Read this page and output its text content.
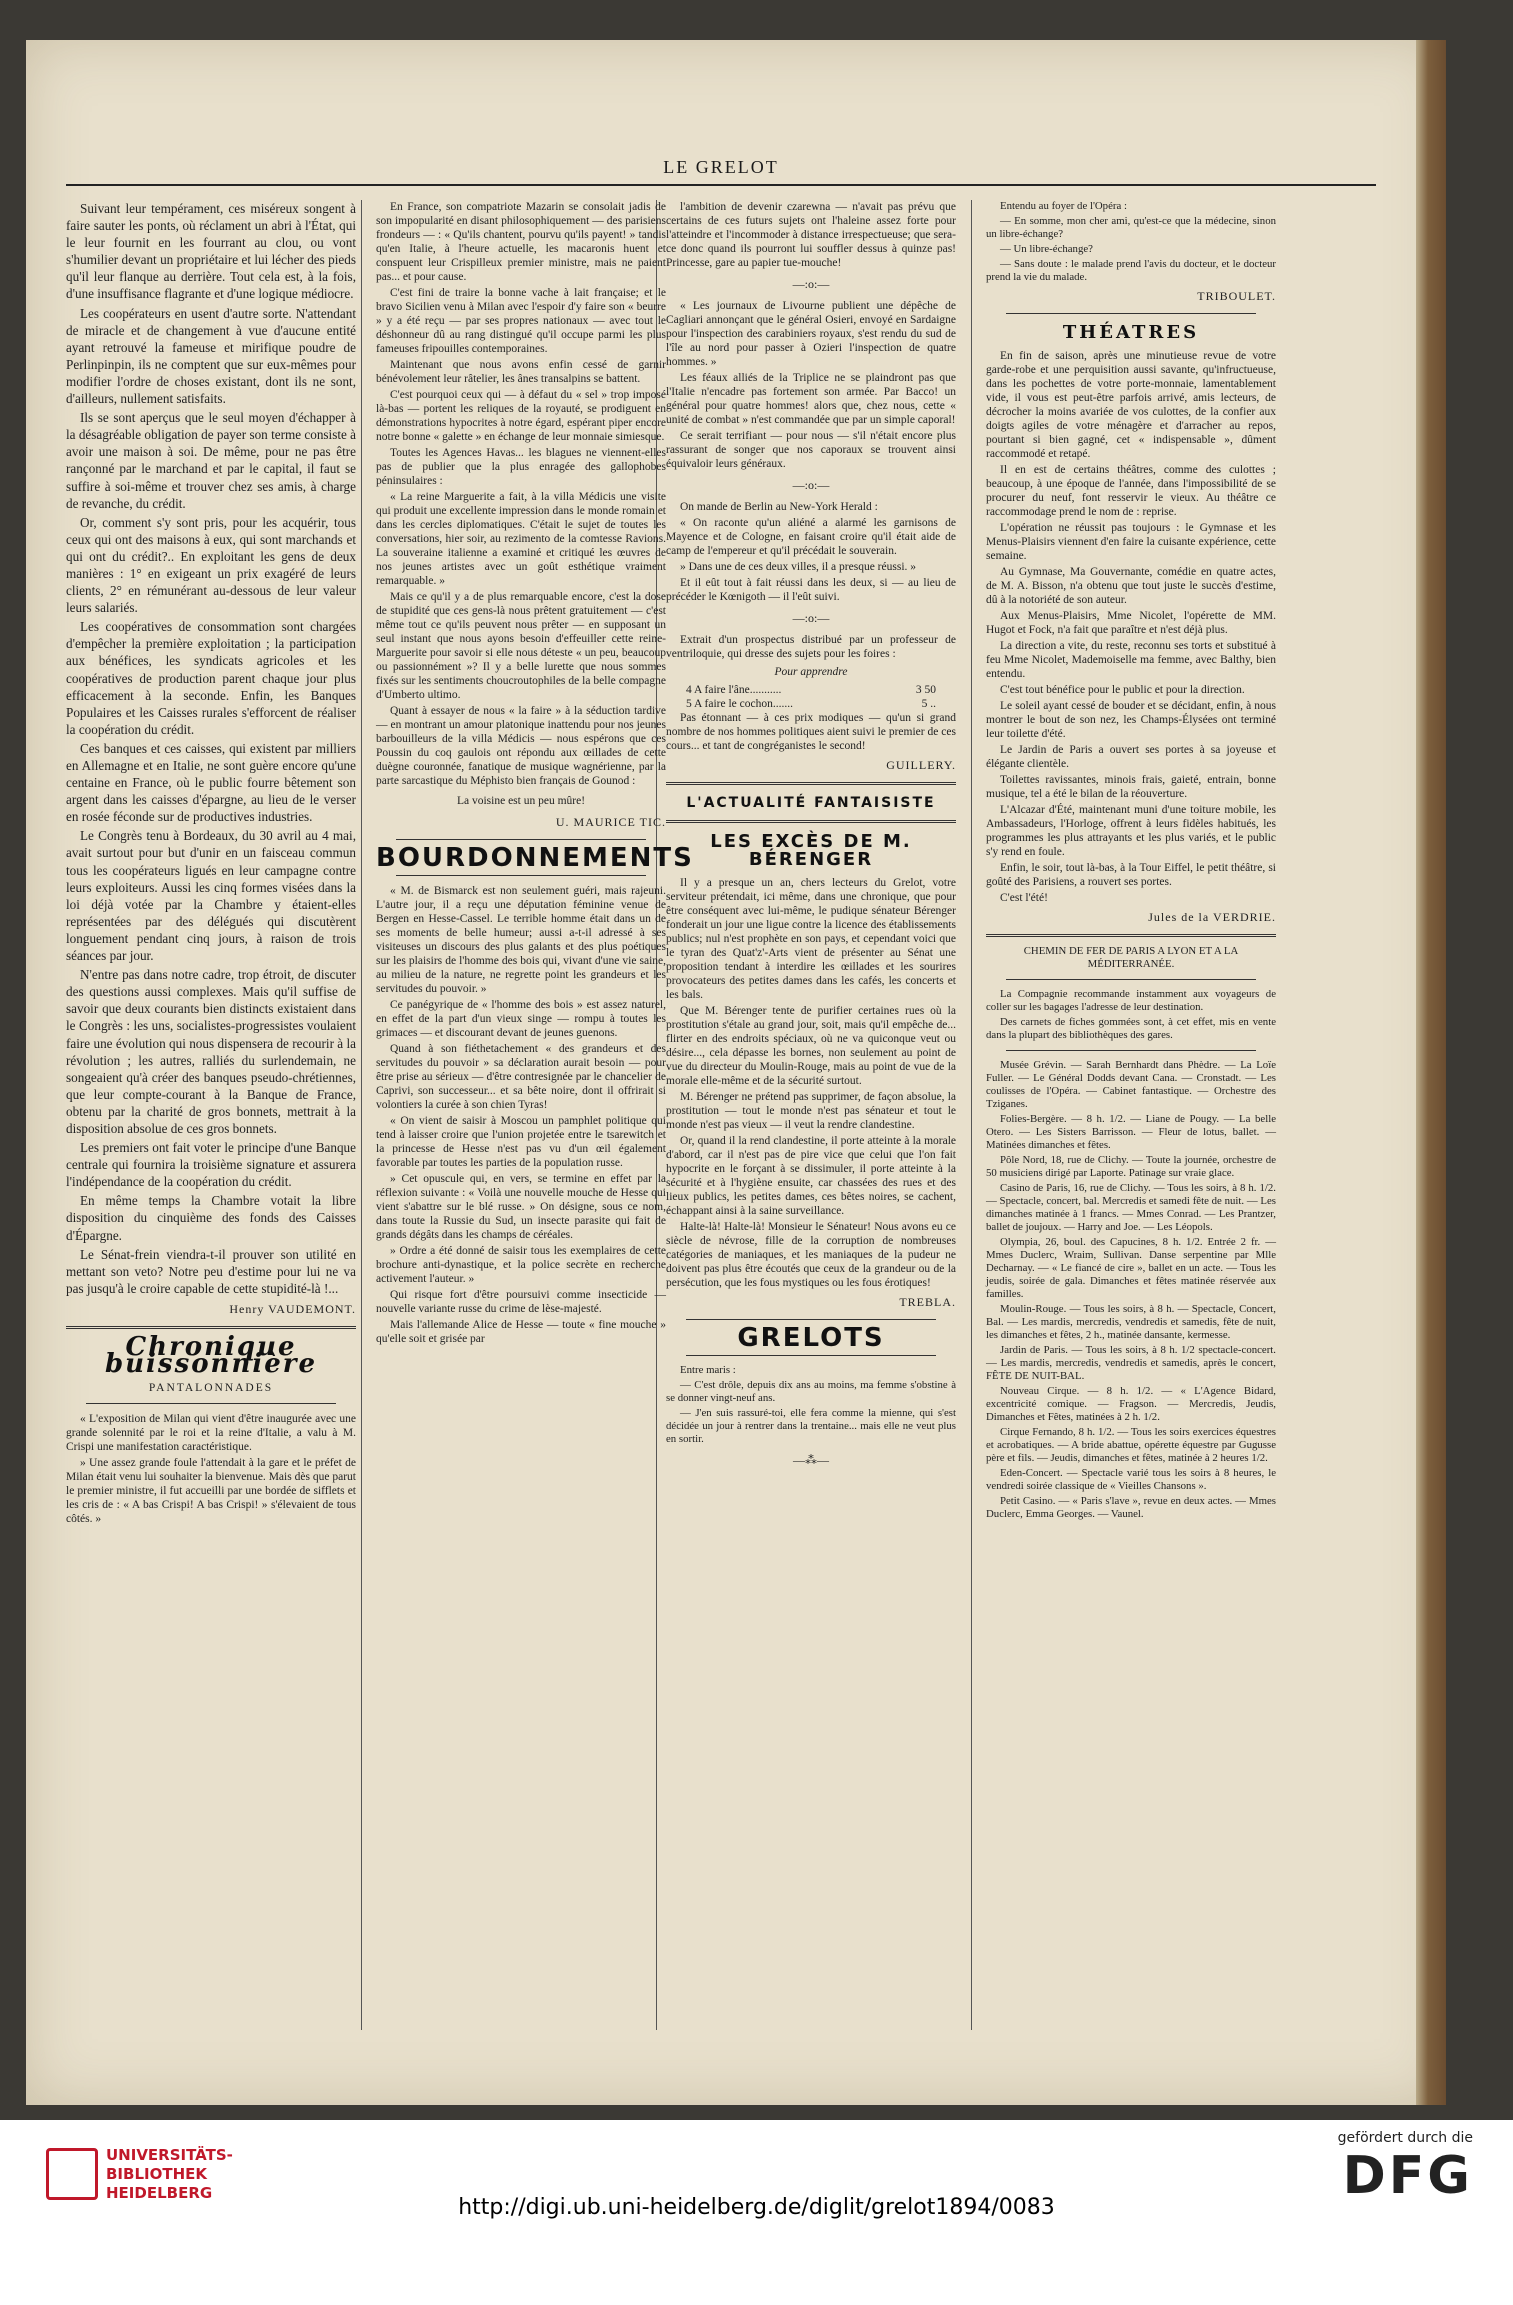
LE GRELOT

Suivant leur tempérament, ces miséreux songent à faire sauter les ponts, où réclament un abri à l'État, qui le leur fournit en les fourrant au clou, ou vont s'humilier devant un propriétaire et lui lécher des pieds qu'il leur flanque au derrière. Tout cela est, à la fois, d'une insuffisance flagrante et d'une logique médiocre.

Les coopérateurs en usent d'autre sorte. N'attendant de miracle et de changement à vue d'aucune entité ayant retrouvé la fameuse et mirifique poudre de Perlinpinpin, ils ne comptent que sur eux-mêmes pour modifier l'ordre de choses existant, dont ils ne sont, d'ailleurs, nullement satisfaits.

Ils se sont aperçus que le seul moyen d'échapper à la désagréable obligation de payer son terme consiste à avoir une maison à soi. De même, pour ne pas être rançonné par le marchand et par le capital, il faut se suffire à soi-même et trouver chez ses amis, à charge de revanche, du crédit.

Or, comment s'y sont pris, pour les acquérir, tous ceux qui ont des maisons à eux, qui sont marchands et qui ont du crédit?.. En exploitant les gens de deux manières : 1° en exigeant un prix exagéré de leurs clients, 2° en rémunérant au-dessous de leur valeur leurs salariés.

Les coopératives de consommation sont chargées d'empêcher la première exploitation ; la participation aux bénéfices, les syndicats agricoles et les coopératives de production parent chaque jour plus efficacement à la seconde. Enfin, les Banques Populaires et les Caisses rurales s'efforcent de réaliser la coopération du crédit.

Ces banques et ces caisses, qui existent par milliers en Allemagne et en Italie, ne sont guère encore qu'une centaine en France, où le public fourre bêtement son argent dans les caisses d'épargne, au lieu de le verser en rosée féconde sur de productives industries.

Le Congrès tenu à Bordeaux, du 30 avril au 4 mai, avait surtout pour but d'unir en un faisceau commun tous les coopérateurs ligués en leur campagne contre leurs exploiteurs. Aussi les cinq formes visées dans la loi déjà votée par la Chambre y étaient-elles représentées par des délégués qui discutèrent longuement pendant cinq jours, à raison de trois séances par jour.

N'entre pas dans notre cadre, trop étroit, de discuter des questions aussi complexes. Mais qu'il suffise de savoir que deux courants bien distincts existaient dans le Congrès : les uns, socialistes-progressistes voulaient faire une évolution qui nous dispensera de recourir à la révolution ; les autres, ralliés du surlendemain, ne songeaient qu'à créer des banques pseudo-chrétiennes, que leur compte-courant à la Banque de France, obtenu par la charité de gros bonnets, mettrait à la disposition absolue de ces gros bonnets.

Les premiers ont fait voter le principe d'une Banque centrale qui fournira la troisième signature et assurera l'indépendance de la coopération du crédit.

En même temps la Chambre votait la libre disposition du cinquième des fonds des Caisses d'Épargne.

Le Sénat-frein viendra-t-il prouver son utilité en mettant son veto? Notre peu d'estime pour lui ne va pas jusqu'à le croire capable de cette stupidité-là !...

Henry VAUDEMONT.
Chronique buissonnière
PANTALONNADES

« L'exposition de Milan qui vient d'être inaugurée avec une grande solennité par le roi et la reine d'Italie, a valu à M. Crispi une manifestation caractéristique.

» Une assez grande foule l'attendait à la gare et le préfet de Milan était venu lui souhaiter la bienvenue. Mais dès que parut le premier ministre, il fut accueilli par une bordée de sifflets et les cris de : « A bas Crispi! A bas Crispi! » s'élevaient de tous côtés. »

En France, son compatriote Mazarin se consolait jadis de son impopularité en disant philosophiquement — des parisiens frondeurs — : « Qu'ils chantent, pourvu qu'ils payent! » tandis qu'en Italie, à l'heure actuelle, les macaronis huent et conspuent leur Crispilleux premier ministre, mais ne paient pas... et pour cause.

C'est fini de traire la bonne vache à lait française; et le bravo Sicilien venu à Milan avec l'espoir d'y faire son « beurre » y a été reçu — par ses propres nationaux — avec tout le déshonneur dû au rang distingué qu'il occupe parmi les plus fameuses fripouilles contemporaines.

Maintenant que nous avons enfin cessé de garnir bénévolement leur râtelier, les ânes transalpins se battent.

C'est pourquoi ceux qui — à défaut du « sel » trop imposé là-bas — portent les reliques de la royauté, se prodiguent en démonstrations hypocrites à notre égard, espérant piper encore notre bonne « galette » en échange de leur monnaie simiesque.

Toutes les Agences Havas... les blagues ne viennent-elles pas de publier que la plus enragée des gallophobes péninsulaires :

« La reine Marguerite a fait, à la villa Médicis une visite qui produit une excellente impression dans le monde romain et dans les cercles diplomatiques. C'était le sujet de toutes les conversations, hier soir, au rezimento de la comtesse Ravions. La souveraine italienne a examiné et critiqué les œuvres de nos jeunes artistes avec un goût esthétique vraiment remarquable. »

Mais ce qu'il y a de plus remarquable encore, c'est la dose de stupidité que ces gens-là nous prêtent gratuitement — c'est même tout ce qu'ils peuvent nous prêter — en supposant un seul instant que nous ayons besoin d'effeuiller cette reine-Marguerite pour savoir si elle nous déteste « un peu, beaucoup ou passionnément »? Il y a belle lurette que nous sommes fixés sur les sentiments choucroutophiles de la belle compagne d'Umberto ultimo.

Quant à essayer de nous « la faire » à la séduction tardive — en montrant un amour platonique inattendu pour nos jeunes barbouilleurs de la villa Médicis — nous espérons que ces Poussin du coq gaulois ont répondu aux œillades de cette duègne couronnée, fanatique de musique wagnérienne, par la parte sarcastique du Méphisto bien français de Gounod :

La voisine est un peu mûre!
U. MAURICE TIC.
BOURDONNEMENTS

« M. de Bismarck est non seulement guéri, mais rajeuni. L'autre jour, il a reçu une députation féminine venue de Bergen en Hesse-Cassel. Le terrible homme était dans un de ses moments de belle humeur; aussi a-t-il adressé à ses visiteuses un discours des plus galants et des plus poétiques sur les plaisirs de l'homme des bois qui, vivant d'une vie saine, au milieu de la nature, ne regrette point les grandeurs et les servitudes du pouvoir. »

Ce panégyrique de « l'homme des bois » est assez naturel, en effet de la part d'un vieux singe — rompu à toutes les grimaces — et discourant devant de jeunes guenons.

Quand à son fiéthetachement « des grandeurs et des servitudes du pouvoir » sa déclaration aurait besoin — pour être prise au sérieux — d'être contresignée par le chancelier de Caprivi, son successeur... et sa bête noire, dont il offrirait si volontiers la curée à son chien Tyras!

« On vient de saisir à Moscou un pamphlet politique qui tend à laisser croire que l'union projetée entre le tsarewitch et la princesse de Hesse n'est pas vu d'un œil également favorable par toutes les parties de la population russe.

» Cet opuscule qui, en vers, se termine en effet par la réflexion suivante : « Voilà une nouvelle mouche de Hesse qui vient s'abattre sur le blé russe. » On désigne, sous ce nom, dans toute la Russie du Sud, un insecte parasite qui fait de grands dégâts dans les champs de céréales.

» Ordre a été donné de saisir tous les exemplaires de cette brochure anti-dynastique, et la police secrète en recherche activement l'auteur. »

Qui risque fort d'être poursuivi comme insecticide — nouvelle variante russe du crime de lèse-majesté.

Mais l'allemande Alice de Hesse — toute « fine mouche » qu'elle soit et grisée par

l'ambition de devenir czarewna — n'avait pas prévu que certains de ces futurs sujets ont l'haleine assez forte pour l'atteindre et l'incommoder à distance irrespectueuse; que sera-ce donc quand ils pourront lui souffler dessus à quinze pas! Princesse, gare au papier tue-mouche!

—:o:—

« Les journaux de Livourne publient une dépêche de Cagliari annonçant que le général Osieri, envoyé en Sardaigne pour l'inspection des carabiniers royaux, s'est rendu du sud de l'île au nord pour passer à Ozieri l'inspection de quatre hommes. »

Les féaux alliés de la Triplice ne se plaindront pas que l'Italie n'encadre pas fortement son armée. Par Bacco! un général pour quatre hommes! alors que, chez nous, cette « unité de combat » n'est commandée que par un simple caporal!

Ce serait terrifiant — pour nous — s'il n'était encore plus rassurant de songer que nos caporaux se trouvent ainsi équivaloir leurs généraux.

—:o:—

On mande de Berlin au New-York Herald :

« On raconte qu'un aliéné a alarmé les garnisons de Mayence et de Cologne, en faisant croire qu'il était aide de camp de l'empereur et qu'il précédait le souverain.

» Dans une de ces deux villes, il a presque réussi. »

Et il eût tout à fait réussi dans les deux, si — au lieu de précéder le Kœnigoth — il l'eût suivi.

—:o:—

Extrait d'un prospectus distribué par un professeur de ventriloquie, qui dresse des sujets pour les foires :

Pour apprendre
4 A faire l'âne...........	3 50
5 A faire le cochon.......	5 ..

Pas étonnant — à ces prix modiques — qu'un si grand nombre de nos hommes politiques aient suivi le premier de ces cours... et tant de congréganistes le second!

GUILLERY.
L'ACTUALITÉ FANTAISISTE
LES EXCÈS DE M. BÉRENGER

Il y a presque un an, chers lecteurs du Grelot, votre serviteur prétendait, ici même, dans une chronique, que pour être conséquent avec lui-même, le pudique sénateur Bérenger fonderait un jour une ligue contre la licence des établissements publics; nul n'est prophète en son pays, et cependant voici que le tyran des Quat'z'-Arts vient de présenter au Sénat une proposition tendant à interdire les œillades et les sourires provocateurs des petites dames dans les cafés, les concerts et les bals.

Que M. Bérenger tente de purifier certaines rues où la prostitution s'étale au grand jour, soit, mais qu'il empêche de... flirter en des endroits spéciaux, où ne va quiconque veut ou désire..., cela dépasse les bornes, non seulement au point de vue du directeur du Moulin-Rouge, mais au point de vue de la morale elle-même et de la sécurité surtout.

M. Bérenger ne prétend pas supprimer, de façon absolue, la prostitution — tout le monde n'est pas sénateur et tout le monde n'est pas vieux — il veut la rendre clandestine.

Or, quand il la rend clandestine, il porte atteinte à la morale d'abord, car il n'est pas de pire vice que celui que l'on fait hypocrite en le forçant à se dissimuler, il porte atteinte à la sécurité et à l'hygiène ensuite, car chassées des rues et des lieux publics, les petites dames, ces bêtes noires, se cachent, échappant ainsi à la saine surveillance.

Halte-là! Halte-là! Monsieur le Sénateur! Nous avons eu ce siècle de névrose, fille de la corruption de nombreuses catégories de maniaques, et les maniaques de la pudeur ne doivent pas plus être écoutés que ceux de la grandeur ou de la persécution, que les fous mystiques ou les fous érotiques!

TREBLA.
GRELOTS

Entre maris :

— C'est drôle, depuis dix ans au moins, ma femme s'obstine à se donner vingt-neuf ans.

— J'en suis rassuré-toi, elle fera comme la mienne, qui s'est décidée un jour à rentrer dans la trentaine... mais elle ne veut plus en sortir.

—⁂—

Entendu au foyer de l'Opéra :

— En somme, mon cher ami, qu'est-ce que la médecine, sinon un libre-échange?

— Un libre-échange?

— Sans doute : le malade prend l'avis du docteur, et le docteur prend la vie du malade.

TRIBOULET.
THÉATRES

En fin de saison, après une minutieuse revue de votre garde-robe et une perquisition aussi savante, qu'infructueuse, dans les pochettes de votre porte-monnaie, lamentablement vide, il vous est peut-être parfois arrivé, amis lecteurs, de décrocher la moins avariée de vos culottes, de la confier aux doigts agiles de votre ménagère et d'arracher au repos, pourtant si bien gagné, cet « indispensable », dûment raccommodé et retapé.

Il en est de certains théâtres, comme des culottes ; beaucoup, à une époque de l'année, dans l'impossibilité de se procurer du neuf, font resservir le vieux. Au théâtre ce raccommodage prend le nom de : reprise.

L'opération ne réussit pas toujours : le Gymnase et les Menus-Plaisirs viennent d'en faire la cuisante expérience, cette semaine.

Au Gymnase, Ma Gouvernante, comédie en quatre actes, de M. A. Bisson, n'a obtenu que tout juste le succès d'estime, dû à la notoriété de son auteur.

Aux Menus-Plaisirs, Mme Nicolet, l'opérette de MM. Hugot et Fock, n'a fait que paraître et n'est déjà plus.

La direction a vite, du reste, reconnu ses torts et substitué à feu Mme Nicolet, Mademoiselle ma femme, avec Balthy, bien entendu.

C'est tout bénéfice pour le public et pour la direction.

Le soleil ayant cessé de bouder et se décidant, enfin, à nous montrer le bout de son nez, les Champs-Élysées ont terminé leur toilette d'été.

Le Jardin de Paris a ouvert ses portes à sa joyeuse et élégante clientèle.

Toilettes ravissantes, minois frais, gaieté, entrain, bonne musique, tel a été le bilan de la réouverture.

L'Alcazar d'Été, maintenant muni d'une toiture mobile, les Ambassadeurs, l'Horloge, offrent à leurs fidèles habitués, les programmes les plus attrayants et les plus variés, et le public s'y rend en foule.

Enfin, le soir, tout là-bas, à la Tour Eiffel, le petit théâtre, si goûté des Parisiens, a rouvert ses portes.

C'est l'été!

Jules de la VERDRIE.
CHEMIN DE FER DE PARIS A LYON ET A LA MÉDITERRANÉE.

La Compagnie recommande instamment aux voyageurs de coller sur les bagages l'adresse de leur destination.

Des carnets de fiches gommées sont, à cet effet, mis en vente dans la plupart des bibliothèques des gares.

Musée Grévin. — Sarah Bernhardt dans Phèdre. — La Loïe Fuller. — Le Général Dodds devant Cana. — Cronstadt. — Les coulisses de l'Opéra. — Cabinet fantastique. — Orchestre des Tziganes.

Folies-Bergère. — 8 h. 1/2. — Liane de Pougy. — La belle Otero. — Les Sisters Barrisson. — Fleur de lotus, ballet. — Matinées dimanches et fêtes.

Pôle Nord, 18, rue de Clichy. — Toute la journée, orchestre de 50 musiciens dirigé par Laporte. Patinage sur vraie glace.

Casino de Paris, 16, rue de Clichy. — Tous les soirs, à 8 h. 1/2. — Spectacle, concert, bal. Mercredis et samedi fête de nuit. — Les dimanches matinée à 1 francs. — Mmes Conrad. — Les Prantzer, ballet de joujoux. — Harry and Joe. — Les Léopols.

Olympia, 26, boul. des Capucines, 8 h. 1/2. Entrée 2 fr. — Mmes Duclerc, Wraim, Sullivan. Danse serpentine par Mlle Decharnay. — « Le fiancé de cire », ballet en un acte. — Tous les jeudis, soirée de gala. Dimanches et fêtes matinée réservée aux familles.

Moulin-Rouge. — Tous les soirs, à 8 h. — Spectacle, Concert, Bal. — Les mardis, mercredis, vendredis et samedis, fête de nuit, les dimanches et fêtes, 2 h., matinée dansante, kermesse.

Jardin de Paris. — Tous les soirs, à 8 h. 1/2 spectacle-concert. — Les mardis, mercredis, vendredis et samedis, après le concert, FÊTE DE NUIT-BAL.

Nouveau Cirque. — 8 h. 1/2. — « L'Agence Bidard, excentricité comique. — Fragson. — Mercredis, Jeudis, Dimanches et Fêtes, matinées à 2 h. 1/2.

Cirque Fernando, 8 h. 1/2. — Tous les soirs exercices équestres et acrobatiques. — A bride abattue, opérette équestre par Gugusse père et fils. — Jeudis, dimanches et fêtes, matinée à 2 heures 1/2.

Eden-Concert. — Spectacle varié tous les soirs à 8 heures, le vendredi soirée classique de « Vieilles Chansons ».

Petit Casino. — « Paris s'lave », revue en deux actes. — Mmes Duclerc, Emma Georges. — Vaunel.

UNIVERSITÄTS-
BIBLIOTHEK
HEIDELBERG
http://digi.ub.uni-heidelberg.de/diglit/grelot1894/0083
gefördert durch die
DFG
